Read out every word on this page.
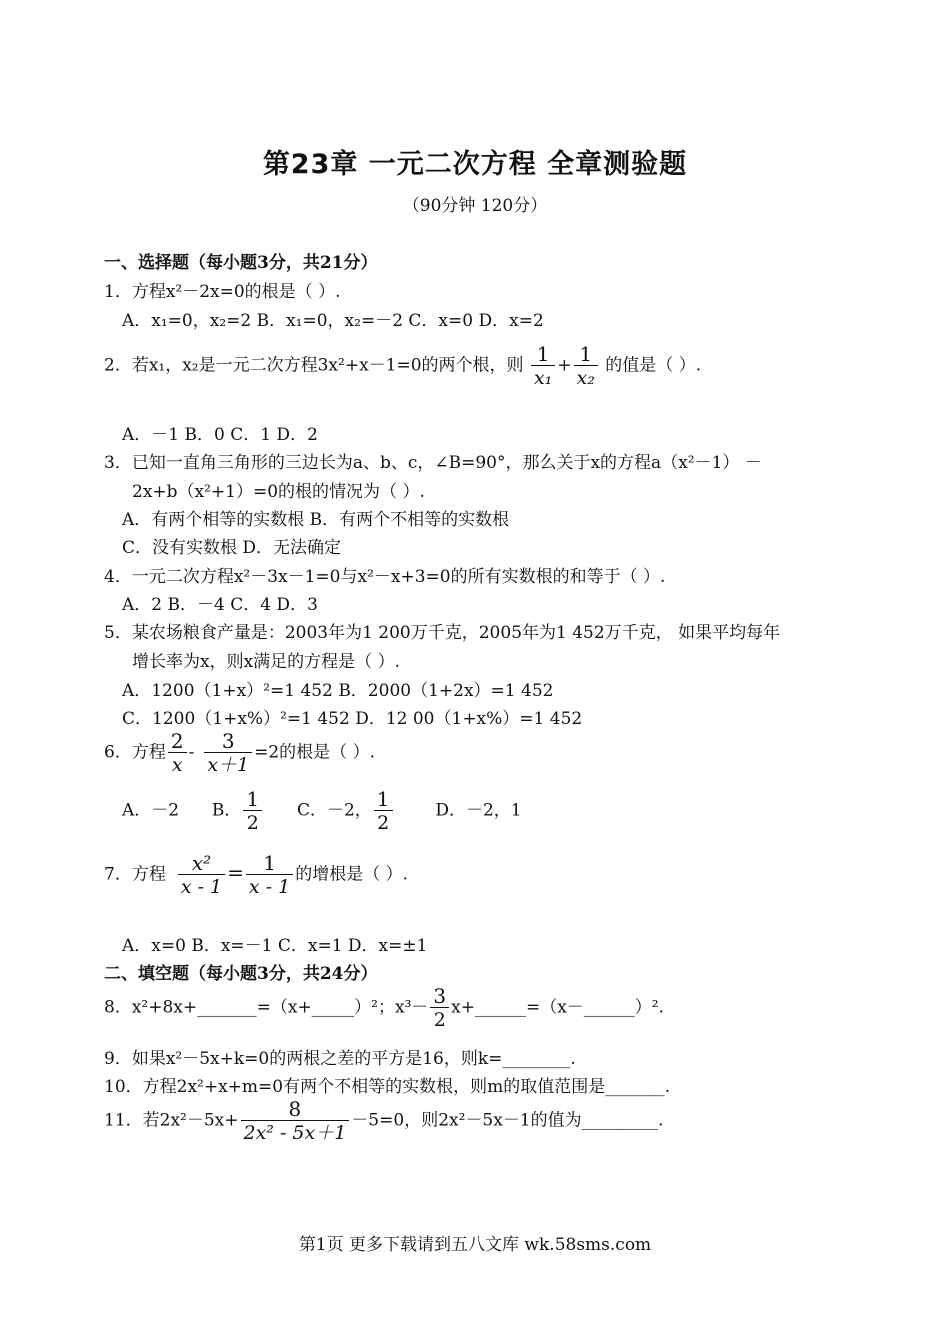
第23章 一元二次方程 全章测验题
（90分钟 120分）
一、选择题（每小题3分，共21分）
1．方程x²－2x=0的根是（ ）.
A．x₁=0，x₂=2 B．x₁=0，x₂=－2 C．x=0 D．x=2
2．若x₁，x₂是一元二次方程3x²+x－1=0的两个根，则 $\frac{1}{\text{x₁}} + \frac{1}{\text{x₂}}$ 的值是（ ）.
A．－1 B．0 C．1 D．2
3．已知一直角三角形的三边长为a、b、c，∠B=90°，那么关于x的方程a（x²－1） －
2x+b（x²+1）=0的根的情况为（ ）.
A．有两个相等的实数根 B．有两个不相等的实数根
C．没有实数根 D．无法确定
4．一元二次方程x²－3x－1=0与x²－x+3=0的所有实数根的和等于（ ）.
A．2 B．－4 C．4 D．3
5．某农场粮食产量是：2003年为1 200万千克，2005年为1 452万千克， 如果平均每年
增长率为x，则x满足的方程是（ ）.
A．1200（1+x）²=1 452 B．2000（1+2x）=1 452
C．1200（1+x%）²=1 452 D．12 00（1+x%）=1 452
6．方程 $\frac{2}{x} - \frac{3}{x+1} =2$的根是（ ）.
A．－2 B． $\frac{1}{2}$ C．－2， $\frac{1}{2}$	D．－2，1
7．方程 $\frac{\text{x²}}{x - 1} = \frac{1}{x - 1}$ 的增根是（ ）.
A．x=0 B．x=－1 C．x=1 D．x=±1
二、填空题（每小题3分，共24分）
8．x²+8x+_______=（x+_____）²；$x^3- \frac{3}{2}$ x+______=（x－______）².
9．如果x²－5x+k=0的两根之差的平方是16，则k=________.
10．方程2x²+x+m=0有两个不相等的实数根，则m的取值范围是_______.
11．若$2x^2-5x+ \frac{8}{\text{2x² - 5x＋1}} -5=0$，则2x²－5x－1的值为_________.
第1页 更多下载请到五八文库 wk.58sms.com
